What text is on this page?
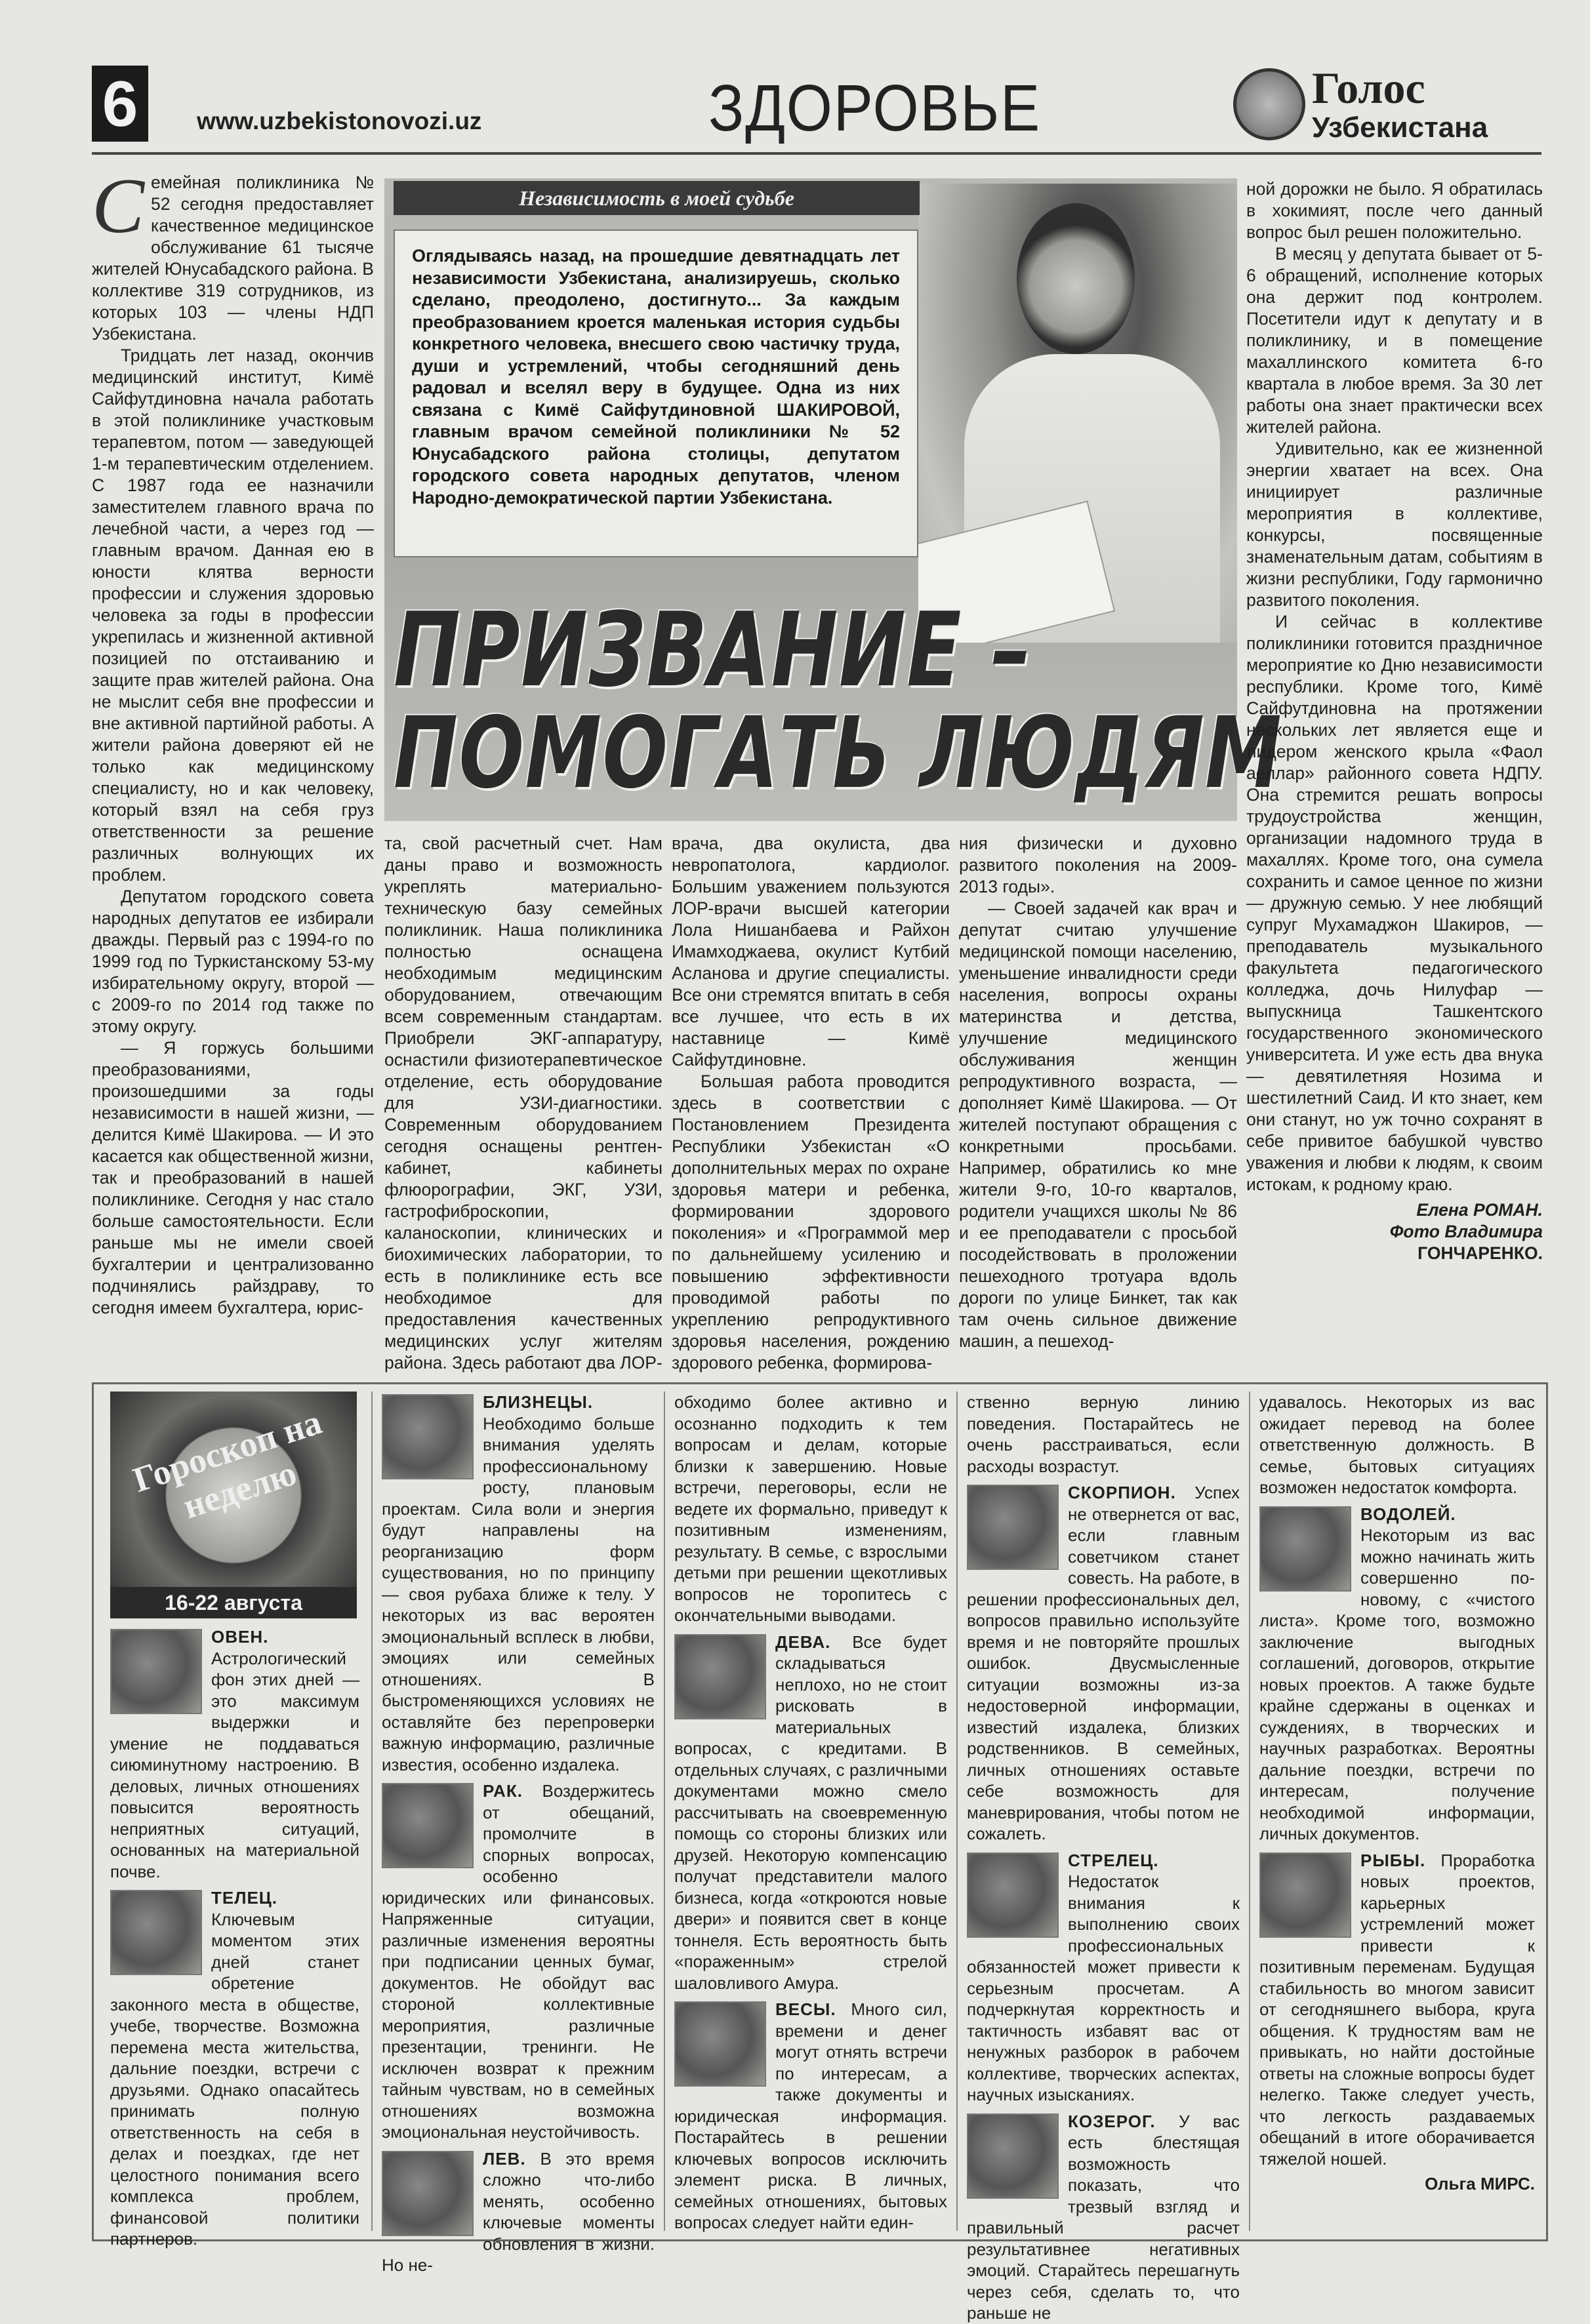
6	www.uzbekistonovozi.uz	ЗДОРОВЬЕ	Голос
Узбекистана

Семейная поликлиника № 52 сегодня предоставляет качественное медицинское обслуживание 61 тысяче жителей Юнусабадского района. В коллективе 319 сотрудников, из которых 103 — члены НДП Узбекистана.

Тридцать лет назад, окончив медицинский институт, Кимё Сайфутдиновна начала работать в этой поликлинике участковым терапевтом, потом — заведующей 1-м терапевтическим отделением. С 1987 года ее назначили заместителем главного врача по лечебной части, а через год — главным врачом. Данная ею в юности клятва верности профессии и служения здоровью человека за годы в профессии укрепилась и жизненной активной позицией по отстаиванию и защите прав жителей района. Она не мыслит себя вне профессии и вне активной партийной работы. А жители района доверяют ей не только как медицинскому специалисту, но и как человеку, который взял на себя груз ответственности за решение различных волнующих их проблем.

Депутатом городского совета народных депутатов ее избирали дважды. Первый раз с 1994-го по 1999 год по Туркистанскому 53-му избирательному округу, второй — с 2009-го по 2014 год также по этому округу.

— Я горжусь большими преобразованиями, произошедшими за годы независимости в нашей жизни, — делится Кимё Шакирова. — И это касается как общественной жизни, так и преобразований в нашей поликлинике. Сегодня у нас стало больше самостоятельности. Если раньше мы не имели своей бухгалтерии и централизованно подчинялись райздраву, то сегодня имеем бухгалтера, юрис-

Независимость в моей судьбе
Оглядываясь назад, на прошедшие девятнадцать лет независимости Узбекистана, анализируешь, сколько сделано, преодолено, достигнуто... За каждым преобразованием кроется маленькая история судьбы конкретного человека, внесшего свою частичку труда, души и устремлений, чтобы сегодняшний день радовал и вселял веру в будущее. Одна из них связана с Кимё Сайфутдиновной ШАКИРОВОЙ, главным врачом семейной поликлиники № 52 Юнусабадского района столицы, депутатом городского совета народных депутатов, членом Народно-демократической партии Узбекистана.
ПРИЗВАНИЕ –
ПОМОГАТЬ ЛЮДЯМ

та, свой расчетный счет. Нам даны право и возможность укреплять материально-техническую базу семейных поликлиник. Наша поликлиника полностью оснащена необходимым медицинским оборудованием, отвечающим всем современным стандартам. Приобрели ЭКГ-аппаратуру, оснастили физиотерапевтическое отделение, есть оборудование для УЗИ-диагностики. Современным оборудованием сегодня оснащены рентген-кабинет, кабинеты флюорографии, ЭКГ, УЗИ, гастрофиброскопии, каланоскопии, клинических и биохимических лаборатории, то есть в поликлинике есть все необходимое для предоставления качественных медицинских услуг жителям района. Здесь работают два ЛОР-

врача, два окулиста, два невропатолога, кардиолог. Большим уважением пользуются ЛОР-врачи высшей категории Лола Нишанбаева и Райхон Имамходжаева, окулист Кутбий Асланова и другие специалисты. Все они стремятся впитать в себя все лучшее, что есть в их наставнице — Кимё Сайфутдиновне.

Большая работа проводится здесь в соответствии с Постановлением Президента Республики Узбекистан «О дополнительных мерах по охране здоровья матери и ребенка, формировании здорового поколения» и «Программой мер по дальнейшему усилению и повышению эффективности проводимой работы по укреплению репродуктивного здоровья населения, рождению здорового ребенка, формирова-

ния физически и духовно развитого поколения на 2009-2013 годы».

— Своей задачей как врач и депутат считаю улучшение медицинской помощи населению, уменьшение инвалидности среди населения, вопросы охраны материнства и детства, улучшение медицинского обслуживания женщин репродуктивного возраста, — дополняет Кимё Шакирова. — От жителей поступают обращения с конкретными просьбами. Например, обратились ко мне жители 9-го, 10-го кварталов, родители учащихся школы № 86 и ее преподаватели с просьбой посодействовать в проложении пешеходного тротуара вдоль дороги по улице Бинкет, так как там очень сильное движение машин, а пешеход-

ной дорожки не было. Я обратилась в хокимият, после чего данный вопрос был решен положительно.

В месяц у депутата бывает от 5-6 обращений, исполнение которых она держит под контролем. Посетители идут к депутату и в поликлинику, и в помещение махаллинского комитета 6-го квартала в любое время. За 30 лет работы она знает практически всех жителей района.

Удивительно, как ее жизненной энергии хватает на всех. Она инициирует различные мероприятия в коллективе, конкурсы, посвященные знаменательным датам, событиям в жизни республики, Году гармонично развитого поколения.

И сейчас в коллективе поликлиники готовится праздничное мероприятие ко Дню независимости республики. Кроме того, Кимё Сайфутдиновна на протяжении нескольких лет является еще и лидером женского крыла «Фаол аеллар» районного совета НДПУ. Она стремится решать вопросы трудоустройства женщин, организации надомного труда в махаллях. Кроме того, она сумела сохранить и самое ценное по жизни — дружную семью. У нее любящий супруг Мухамаджон Шакиров, — преподаватель музыкального факультета педагогического колледжа, дочь Нилуфар — выпускница Ташкентского государственного экономического университета. И уже есть два внука — девятилетняя Нозима и шестилетний Саид. И кто знает, кем они станут, но уж точно сохранят в себе привитое бабушкой чувство уважения и любви к людям, к своим истокам, к родному краю.

Елена РОМАН.
Фото Владимира
ГОНЧАРЕНКО.
Гороскоп на неделю
16-22 августа

ОВЕН. Астрологический фон этих дней — это максимум выдержки и умение не поддаваться сиюминутному настроению. В деловых, личных отношениях повысится вероятность неприятных ситуаций, основанных на материальной почве.

ТЕЛЕЦ. Ключевым моментом этих дней станет обретение законного места в обществе, учебе, творчестве. Возможна перемена места жительства, дальние поездки, встречи с друзьями. Однако опасайтесь принимать полную ответственность на себя в делах и поездках, где нет целостного понимания всего комплекса проблем, финансовой политики партнеров.

БЛИЗНЕЦЫ. Необходимо больше внимания уделять профессиональному росту, плановым проектам. Сила воли и энергия будут направлены на реорганизацию форм существования, но по принципу — своя рубаха ближе к телу. У некоторых из вас вероятен эмоциональный всплеск в любви, эмоциях или семейных отношениях. В быстроменяющихся условиях не оставляйте без перепроверки важную информацию, различные известия, особенно издалека.

РАК. Воздержитесь от обещаний, промолчите в спорных вопросах, особенно юридических или финансовых. Напряженные ситуации, различные изменения вероятны при подписании ценных бумаг, документов. Не обойдут вас стороной коллективные мероприятия, различные презентации, тренинги. Не исключен возврат к прежним тайным чувствам, но в семейных отношениях возможна эмоциональная неустойчивость.

ЛЕВ. В это время сложно что-либо менять, особенно ключевые моменты обновления в жизни. Но не-

обходимо более активно и осознанно подходить к тем вопросам и делам, которые близки к завершению. Новые встречи, переговоры, если не ведете их формально, приведут к позитивным изменениям, результату. В семье, с взрослыми детьми при решении щекотливых вопросов не торопитесь с окончательными выводами.

ДЕВА. Все будет складываться неплохо, но не стоит рисковать в материальных вопросах, с кредитами. В отдельных случаях, с различными документами можно смело рассчитывать на своевременную помощь со стороны близких или друзей. Некоторую компенсацию получат представители малого бизнеса, когда «откроются новые двери» и появится свет в конце тоннеля. Есть вероятность быть «пораженным» стрелой шаловливого Амура.

ВЕСЫ. Много сил, времени и денег могут отнять встречи по интересам, а также документы и юридическая информация. Постарайтесь в решении ключевых вопросов исключить элемент риска. В личных, семейных отношениях, бытовых вопросах следует найти един-

ственно верную линию поведения. Постарайтесь не очень расстраиваться, если расходы возрастут.

СКОРПИОН. Успех не отвернется от вас, если главным советчиком станет совесть. На работе, в решении профессиональных дел, вопросов правильно используйте время и не повторяйте прошлых ошибок. Двусмысленные ситуации возможны из-за недостоверной информации, известий издалека, близких родственников. В семейных, личных отношениях оставьте себе возможность для маневрирования, чтобы потом не сожалеть.

СТРЕЛЕЦ. Недостаток внимания к выполнению своих профессиональных обязанностей может привести к серьезным просчетам. А подчеркнутая корректность и тактичность избавят вас от ненужных разборок в рабочем коллективе, творческих аспектах, научных изысканиях.

КОЗЕРОГ. У вас есть блестящая возможность показать, что трезвый взгляд и правильный расчет результативнее негативных эмоций. Старайтесь перешагнуть через себя, сделать то, что раньше не

удавалось. Некоторых из вас ожидает перевод на более ответственную должность. В семье, бытовых ситуациях возможен недостаток комфорта.

ВОДОЛЕЙ. Некоторым из вас можно начинать жить совершенно по-новому, с «чистого листа». Кроме того, возможно заключение выгодных соглашений, договоров, открытие новых проектов. А также будьте крайне сдержаны в оценках и суждениях, в творческих и научных разработках. Вероятны дальние поездки, встречи по интересам, получение необходимой информации, личных документов.

РЫБЫ. Проработка новых проектов, карьерных устремлений может привести к позитивным переменам. Будущая стабильность во многом зависит от сегодняшнего выбора, круга общения. К трудностям вам не привыкать, но найти достойные ответы на сложные вопросы будет нелегко. Также следует учесть, что легкость раздаваемых обещаний в итоге оборачивается тяжелой ношей.

Ольга МИРС.
